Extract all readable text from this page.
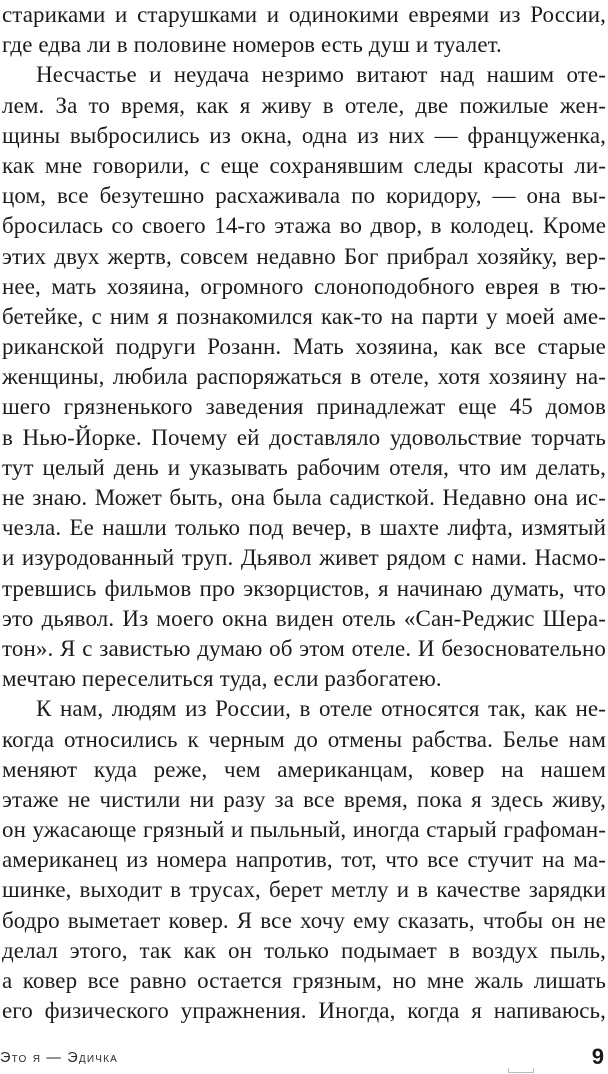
стариками и старушками и одинокими евреями из России,
где едва ли в половине номеров есть душ и туалет.
Несчастье и неудача незримо витают над нашим оте-
лем. За то время, как я живу в отеле, две пожилые жен-
щины выбросились из окна, одна из них — француженка,
как мне говорили, с еще сохранявшим следы красоты ли-
цом, все безутешно расхаживала по коридору, — она вы-
бросилась со своего 14-го этажа во двор, в колодец. Кроме
этих двух жертв, совсем недавно Бог прибрал хозяйку, вер-
нее, мать хозяина, огромного слоноподобного еврея в тю-
бетейке, с ним я познакомился как-то на парти у моей аме-
риканской подруги Розанн. Мать хозяина, как все старые
женщины, любила распоряжаться в отеле, хотя хозяину на-
шего грязненького заведения принадлежат еще 45 домов
в Нью-Йорке. Почему ей доставляло удовольствие торчать
тут целый день и указывать рабочим отеля, что им делать,
не знаю. Может быть, она была садисткой. Недавно она ис-
чезла. Ее нашли только под вечер, в шахте лифта, измятый
и изуродованный труп. Дьявол живет рядом с нами. Насмо-
тревшись фильмов про экзорцистов, я начинаю думать, что
это дьявол. Из моего окна виден отель «Сан-Реджис Шера-
тон». Я с завистью думаю об этом отеле. И безосновательно
мечтаю переселиться туда, если разбогатею.
К нам, людям из России, в отеле относятся так, как не-
когда относились к черным до отмены рабства. Белье нам
меняют куда реже, чем американцам, ковер на нашем
этаже не чистили ни разу за все время, пока я здесь живу,
он ужасающе грязный и пыльный, иногда старый графоман-
американец из номера напротив, тот, что все стучит на ма-
шинке, выходит в трусах, берет метлу и в качестве зарядки
бодро выметает ковер. Я все хочу ему сказать, чтобы он не
делал этого, так как он только подымает в воздух пыль,
а ковер все равно остается грязным, но мне жаль лишать
его физического упражнения. Иногда, когда я напиваюсь,
Это я — Эдичка	9
